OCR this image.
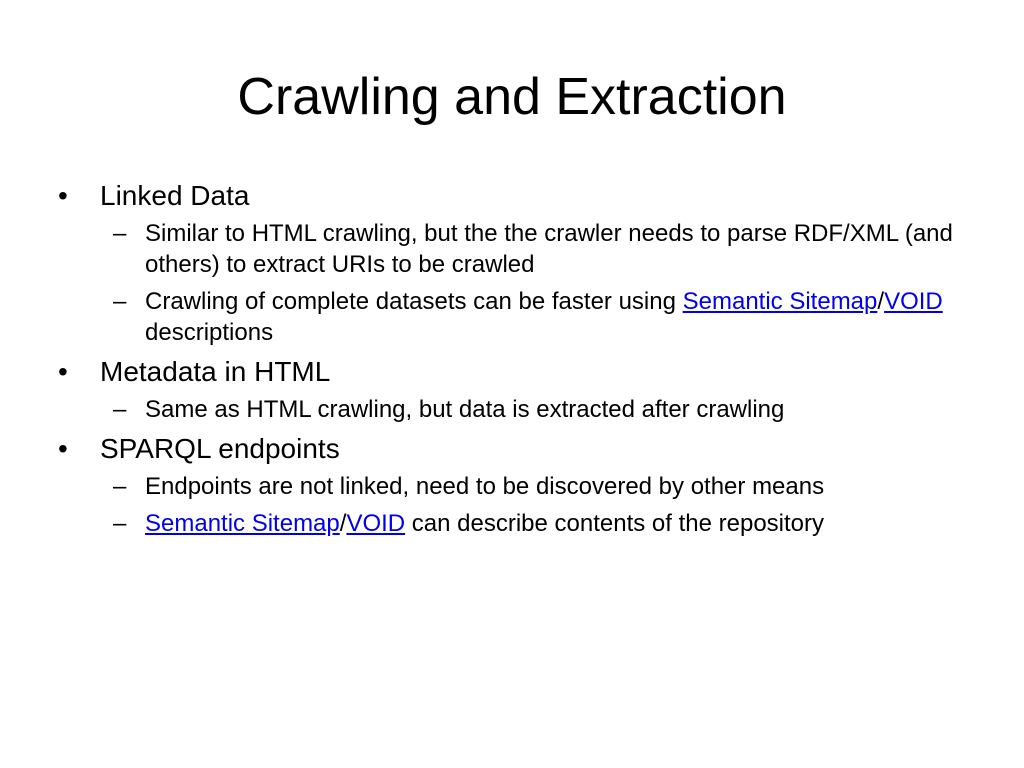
Crawling and Extraction
•	Linked Data
– Similar to HTML crawling, but the the crawler needs to parse RDF/XML (and others) to extract URIs to be crawled
– Crawling of complete datasets can be faster using Semantic Sitemap/VOID descriptions
•	Metadata in HTML
– Same as HTML crawling, but data is extracted after crawling
•	SPARQL endpoints
– Endpoints are not linked, need to be discovered by other means
– Semantic Sitemap/VOID can describe contents of the repository
